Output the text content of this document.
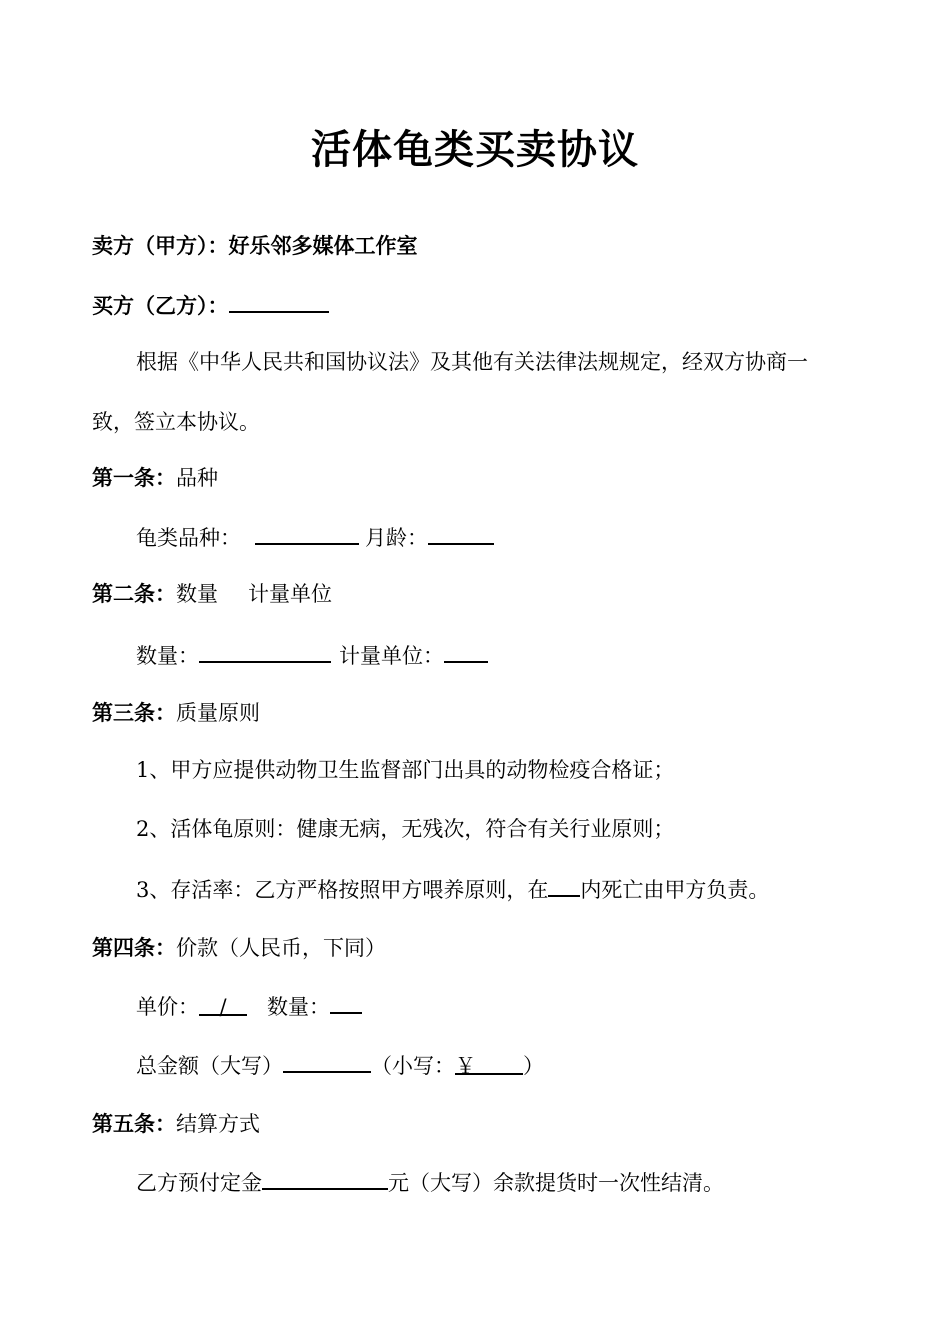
活体龟类买卖协议
卖方（甲方）：好乐邻多媒体工作室
买方（乙方）：
根据《中华人民共和国协议法》及其他有关法律法规规定，经双方协商一
致，签立本协议。
第一条：品种
龟类品种：	月龄：
第二条：数量 计量单位
数量：	计量单位：
第三条：质量原则
1、甲方应提供动物卫生监督部门出具的动物检疫合格证；
2、活体龟原则：健康无病，无残次，符合有关行业原则；
3、存活率：乙方严格按照甲方喂养原则，在 内死亡由甲方负责。
第四条：价款（人民币，下同）
单价： / 数量：
总金额（大写）	（小写：￥ ）
第五条：结算方式
乙方预付定金	元（大写）余款提货时一次性结清。
